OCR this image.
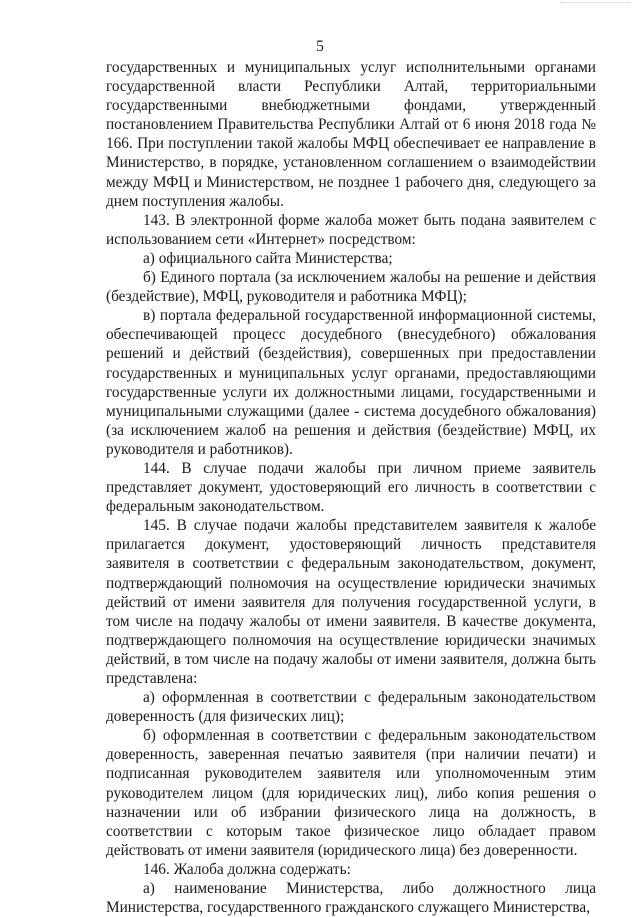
5

государственных и муниципальных услуг исполнительными органами государственной власти Республики Алтай, территориальными государственными внебюджетными фондами, утвержденный постановлением Правительства Республики Алтай от 6 июня 2018 года № 166. При поступлении такой жалобы МФЦ обеспечивает ее направление в Министерство, в порядке, установленном соглашением о взаимодействии между МФЦ и Министерством, не позднее 1 рабочего дня, следующего за днем поступления жалобы.

143. В электронной форме жалоба может быть подана заявителем с использованием сети «Интернет» посредством:

а) официального сайта Министерства;

б) Единого портала (за исключением жалобы на решение и действия (бездействие), МФЦ, руководителя и работника МФЦ);

в) портала федеральной государственной информационной системы, обеспечивающей процесс досудебного (внесудебного) обжалования решений и действий (бездействия), совершенных при предоставлении государственных и муниципальных услуг органами, предоставляющими государственные услуги их должностными лицами, государственными и муниципальными служащими (далее - система досудебного обжалования) (за исключением жалоб на решения и действия (бездействие) МФЦ, их руководителя и работников).

144. В случае подачи жалобы при личном приеме заявитель представляет документ, удостоверяющий его личность в соответствии с федеральным законодательством.

145. В случае подачи жалобы представителем заявителя к жалобе прилагается документ, удостоверяющий личность представителя заявителя в соответствии с федеральным законодательством, документ, подтверждающий полномочия на осуществление юридически значимых действий от имени заявителя для получения государственной услуги, в том числе на подачу жалобы от имени заявителя. В качестве документа, подтверждающего полномочия на осуществление юридически значимых действий, в том числе на подачу жалобы от имени заявителя, должна быть представлена:

а) оформленная в соответствии с федеральным законодательством доверенность (для физических лиц);

б) оформленная в соответствии с федеральным законодательством доверенность, заверенная печатью заявителя (при наличии печати) и подписанная руководителем заявителя или уполномоченным этим руководителем лицом (для юридических лиц), либо копия решения о назначении или об избрании физического лица на должность, в соответствии с которым такое физическое лицо обладает правом действовать от имени заявителя (юридического лица) без доверенности.

146. Жалоба должна содержать:

а) наименование Министерства, либо должностного лица Министерства, государственного гражданского служащего Министерства,
